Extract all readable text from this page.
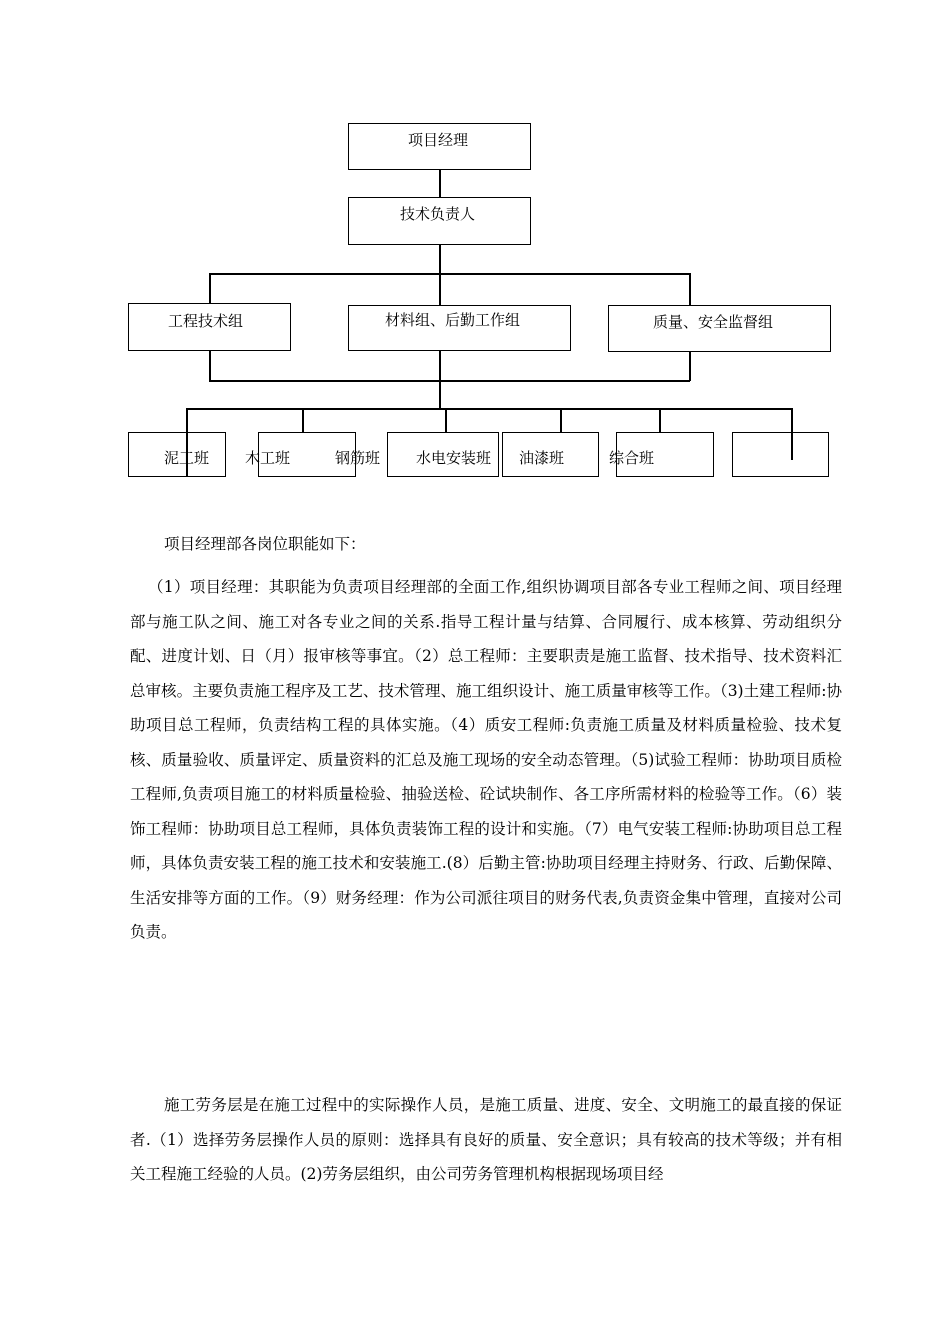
项目经理
技术负责人
工程技术组	材料组、后勤工作组	质量、安全监督组
泥工班 木工班	钢筋班 水电安装班 油漆班	综合班

项目经理部各岗位职能如下：

（1）项目经理：其职能为负责项目经理部的全面工作,组织协调项目部各专业工程师之间、项目经理部与施工队之间、施工对各专业之间的关系.指导工程计量与结算、合同履行、成本核算、劳动组织分配、进度计划、日（月）报审核等事宜。（2）总工程师：主要职责是施工监督、技术指导、技术资料汇总审核。主要负责施工程序及工艺、技术管理、施工组织设计、施工质量审核等工作。（3)土建工程师:协助项目总工程师，负责结构工程的具体实施。（4）质安工程师:负责施工质量及材料质量检验、技术复核、质量验收、质量评定、质量资料的汇总及施工现场的安全动态管理。（5)试验工程师：协助项目质检工程师,负责项目施工的材料质量检验、抽验送检、砼试块制作、各工序所需材料的检验等工作。（6）装饰工程师：协助项目总工程师，具体负责装饰工程的设计和实施。（7）电气安装工程师:协助项目总工程师，具体负责安装工程的施工技术和安装施工.(8）后勤主管:协助项目经理主持财务、行政、后勤保障、生活安排等方面的工作。（9）财务经理：作为公司派往项目的财务代表,负责资金集中管理，直接对公司负责。

施工劳务层是在施工过程中的实际操作人员，是施工质量、进度、安全、文明施工的最直接的保证者.（1）选择劳务层操作人员的原则：选择具有良好的质量、安全意识；具有较高的技术等级；并有相关工程施工经验的人员。(2)劳务层组织，由公司劳务管理机构根据现场项目经
